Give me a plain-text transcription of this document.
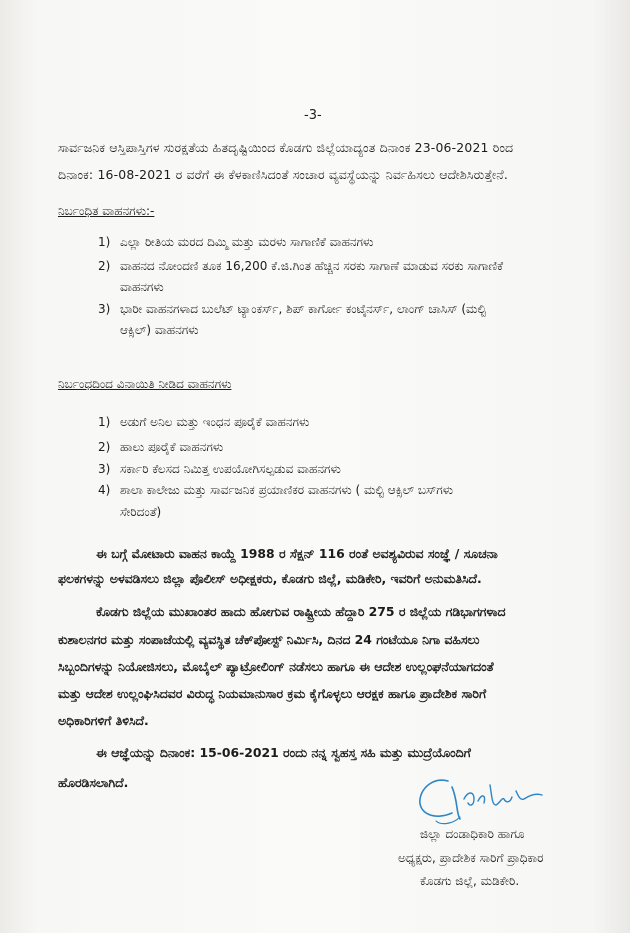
-3-
ಸಾರ್ವಜನಿಕ ಆಸ್ತಿಪಾಸ್ತಿಗಳ ಸುರಕ್ಷತೆಯ ಹಿತದೃಷ್ಟಿಯಿಂದ ಕೊಡಗು ಜಿಲ್ಲೆಯಾದ್ಯಂತ ದಿನಾಂಕ 23-06-2021 ರಿಂದ
ದಿನಾಂಕ: 16-08-2021 ರ ವರೆಗೆ ಈ ಕೆಳಕಾಣಿಸಿದಂತೆ ಸಂಚಾರ ವ್ಯವಸ್ಥೆಯನ್ನು ನಿರ್ವಹಿಸಲು ಆದೇಶಿಸಿರುತ್ತೇನೆ.
ನಿರ್ಬಂಧಿತ ವಾಹನಗಳು:-
1) ಎಲ್ಲಾ ರೀತಿಯ ಮರದ ದಿಮ್ಮಿ ಮತ್ತು ಮರಳು ಸಾಗಾಣಿಕೆ ವಾಹನಗಳು
2) ವಾಹನದ ನೋಂದಣಿ ತೂಕ 16,200 ಕೆ.ಜಿ.ಗಿಂತ ಹೆಚ್ಚಿನ ಸರಕು ಸಾಗಾಣೆ ಮಾಡುವ ಸರಕು ಸಾಗಾಣಿಕೆ
ವಾಹನಗಳು
3) ಭಾರೀ ವಾಹನಗಳಾದ ಬುಲೆಟ್ ಟ್ಯಾಂಕರ್ಸ್, ಶಿಪ್ ಕಾರ್ಗೋ ಕಂಟೈನರ್ಸ್, ಲಾಂಗ್ ಚಾಸಿಸ್ (ಮಲ್ಟಿ
ಆಕ್ಸಿಲ್) ವಾಹನಗಳು
ನಿರ್ಬಂಧದಿಂದ ವಿನಾಯಿತಿ ನೀಡಿದ ವಾಹನಗಳು
1) ಅಡುಗೆ ಅನಿಲ ಮತ್ತು ಇಂಧನ ಪೂರೈಕೆ ವಾಹನಗಳು
2) ಹಾಲು ಪೂರೈಕೆ ವಾಹನಗಳು
3) ಸರ್ಕಾರಿ ಕೆಲಸದ ನಿಮಿತ್ತ ಉಪಯೋಗಿಸಲ್ಪಡುವ ವಾಹನಗಳು
4) ಶಾಲಾ ಕಾಲೇಜು ಮತ್ತು ಸಾರ್ವಜನಿಕ ಪ್ರಯಾಣಿಕರ ವಾಹನಗಳು ( ಮಲ್ಟಿ ಆಕ್ಸಿಲ್ ಬಸ್‌ಗಳು
ಸೇರಿದಂತೆ)
ಈ ಬಗ್ಗೆ ಮೋಟಾರು ವಾಹನ ಕಾಯ್ದೆ 1988 ರ ಸೆಕ್ಷನ್ 116 ರಂತೆ ಅವಶ್ಯವಿರುವ ಸಂಜ್ಞೆ / ಸೂಚನಾ
ಫಲಕಗಳನ್ನು ಅಳವಡಿಸಲು ಜಿಲ್ಲಾ ಪೊಲೀಸ್ ಅಧೀಕ್ಷಕರು, ಕೊಡಗು ಜಿಲ್ಲೆ, ಮಡಿಕೇರಿ, ಇವರಿಗೆ ಅನುಮತಿಸಿದೆ.
ಕೊಡಗು ಜಿಲ್ಲೆಯ ಮುಖಾಂತರ ಹಾದು ಹೋಗುವ ರಾಷ್ಟ್ರೀಯ ಹೆದ್ದಾರಿ 275 ರ ಜಿಲ್ಲೆಯ ಗಡಿಭಾಗಗಳಾದ
ಕುಶಾಲನಗರ ಮತ್ತು ಸಂಪಾಜೆಯಲ್ಲಿ ವ್ಯವಸ್ಥಿತ ಚೆಕ್‌ಪೋಸ್ಟ್ ನಿರ್ಮಿಸಿ, ದಿನದ 24 ಗಂಟೆಯೂ ನಿಗಾ ವಹಿಸಲು
ಸಿಬ್ಬಂದಿಗಳನ್ನು ನಿಯೋಜಿಸಲು, ಮೊಬೈಲ್ ಪ್ಯಾಟ್ರೋಲಿಂಗ್ ನಡೆಸಲು ಹಾಗೂ ಈ ಆದೇಶ ಉಲ್ಲಂಘನೆಯಾಗದಂತೆ
ಮತ್ತು ಆದೇಶ ಉಲ್ಲಂಘಿಸಿದವರ ವಿರುದ್ಧ ನಿಯಮಾನುಸಾರ ಕ್ರಮ ಕೈಗೊಳ್ಳಲು ಆರಕ್ಷಕ ಹಾಗೂ ಪ್ರಾದೇಶಿಕ ಸಾರಿಗೆ
ಅಧಿಕಾರಿಗಳಿಗೆ ತಿಳಿಸಿದೆ.
ಈ ಆಜ್ಞೆಯನ್ನು ದಿನಾಂಕ: 15-06-2021 ರಂದು ನನ್ನ ಸ್ವಹಸ್ತ ಸಹಿ ಮತ್ತು ಮುದ್ರೆಯೊಂದಿಗೆ
ಹೊರಡಿಸಲಾಗಿದೆ.
ಜಿಲ್ಲಾ ದಂಡಾಧಿಕಾರಿ ಹಾಗೂ
ಅಧ್ಯಕ್ಷರು, ಪ್ರಾದೇಶಿಕ ಸಾರಿಗೆ ಪ್ರಾಧಿಕಾರ
ಕೊಡಗು ಜಿಲ್ಲೆ, ಮಡಿಕೇರಿ.
